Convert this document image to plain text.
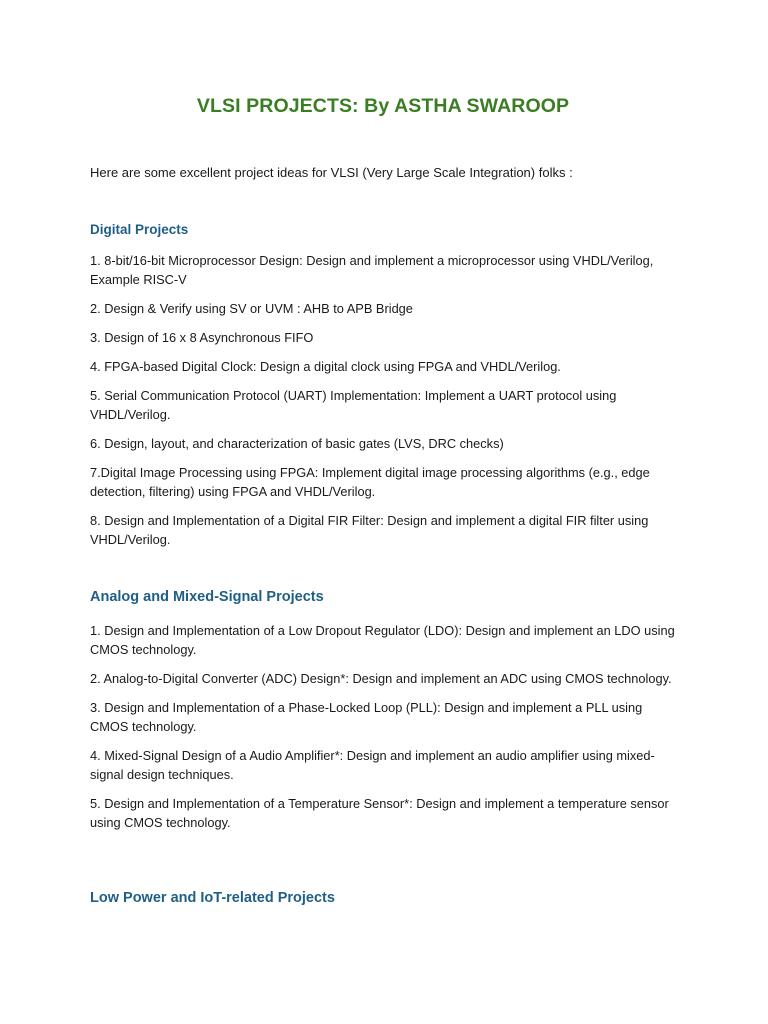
VLSI PROJECTS: By ASTHA SWAROOP
Here are some excellent project ideas for VLSI (Very Large Scale Integration) folks :
Digital Projects
1. 8-bit/16-bit Microprocessor Design: Design and implement a microprocessor using VHDL/Verilog, Example RISC-V
2. Design & Verify using SV or UVM : AHB to APB Bridge
3. Design of 16 x 8 Asynchronous FIFO
4. FPGA-based Digital Clock: Design a digital clock using FPGA and VHDL/Verilog.
5. Serial Communication Protocol (UART) Implementation: Implement a UART protocol using VHDL/Verilog.
6. Design, layout, and characterization of basic gates (LVS, DRC checks)
7.Digital Image Processing using FPGA: Implement digital image processing algorithms (e.g., edge detection, filtering) using FPGA and VHDL/Verilog.
8. Design and Implementation of a Digital FIR Filter: Design and implement a digital FIR filter using VHDL/Verilog.
Analog and Mixed-Signal Projects
1. Design and Implementation of a Low Dropout Regulator (LDO): Design and implement an LDO using CMOS technology.
2. Analog-to-Digital Converter (ADC) Design*: Design and implement an ADC using CMOS technology.
3. Design and Implementation of a Phase-Locked Loop (PLL): Design and implement a PLL using CMOS technology.
4. Mixed-Signal Design of a Audio Amplifier*: Design and implement an audio amplifier using mixed-signal design techniques.
5. Design and Implementation of a Temperature Sensor*: Design and implement a temperature sensor using CMOS technology.
Low Power and IoT-related Projects
